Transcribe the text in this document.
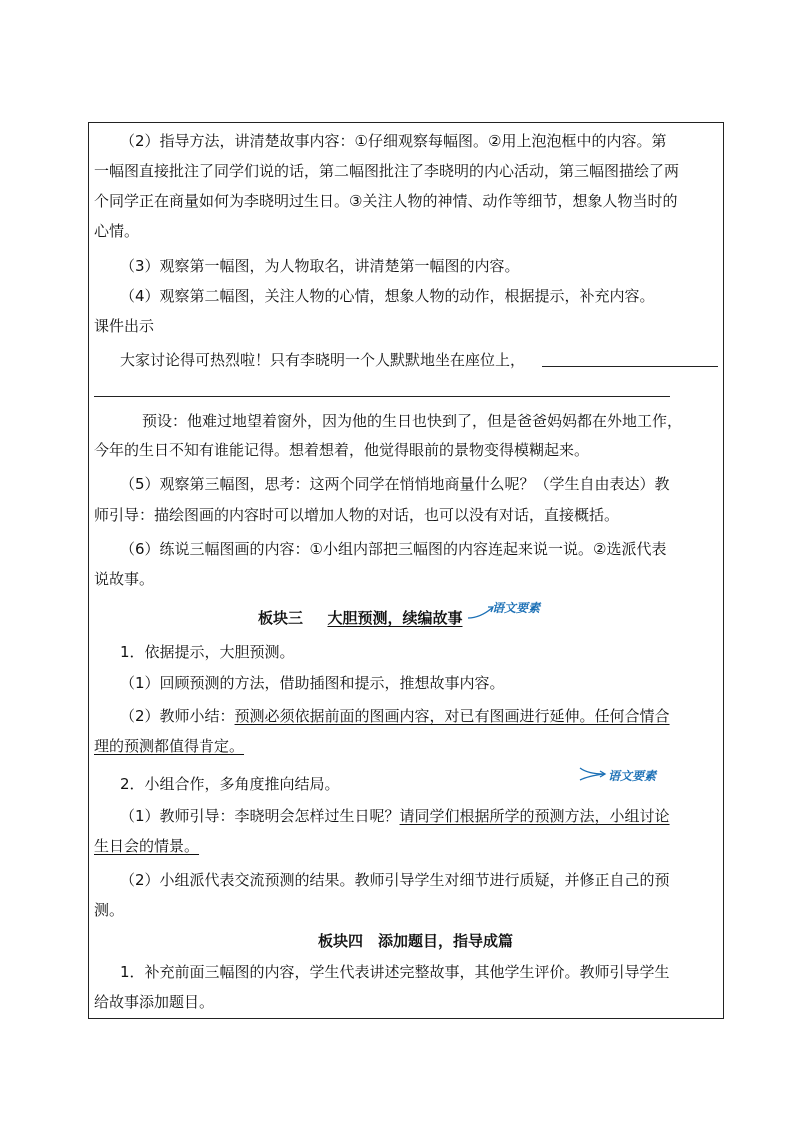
（2）指导方法，讲清楚故事内容：①仔细观察每幅图。②用上泡泡框中的内容。第
一幅图直接批注了同学们说的话，第二幅图批注了李晓明的内心活动，第三幅图描绘了两
个同学正在商量如何为李晓明过生日。③关注人物的神情、动作等细节，想象人物当时的
心情。
（3）观察第一幅图，为人物取名，讲清楚第一幅图的内容。
（4）观察第二幅图，关注人物的心情，想象人物的动作，根据提示，补充内容。
课件出示
大家讨论得可热烈啦！只有李晓明一个人默默地坐在座位上，
预设：他难过地望着窗外，因为他的生日也快到了，但是爸爸妈妈都在外地工作，
今年的生日不知有谁能记得。想着想着，他觉得眼前的景物变得模糊起来。
（5）观察第三幅图，思考：这两个同学在悄悄地商量什么呢？（学生自由表达）教
师引导：描绘图画的内容时可以增加人物的对话，也可以没有对话，直接概括。
（6）练说三幅图画的内容：①小组内部把三幅图的内容连起来说一说。②选派代表
说故事。
板块三 大胆预测，续编故事
语文要素
1．依据提示，大胆预测。
（1）回顾预测的方法，借助插图和提示，推想故事内容。
（2）教师小结：预测必须依据前面的图画内容，对已有图画进行延伸。任何合情合
理的预测都值得肯定。
2．小组合作，多角度推向结局。	语文要素
（1）教师引导：李晓明会怎样过生日呢？请同学们根据所学的预测方法，小组讨论
生日会的情景。
（2）小组派代表交流预测的结果。教师引导学生对细节进行质疑，并修正自己的预
测。
板块四　添加题目，指导成篇
1．补充前面三幅图的内容，学生代表讲述完整故事，其他学生评价。教师引导学生
给故事添加题目。
